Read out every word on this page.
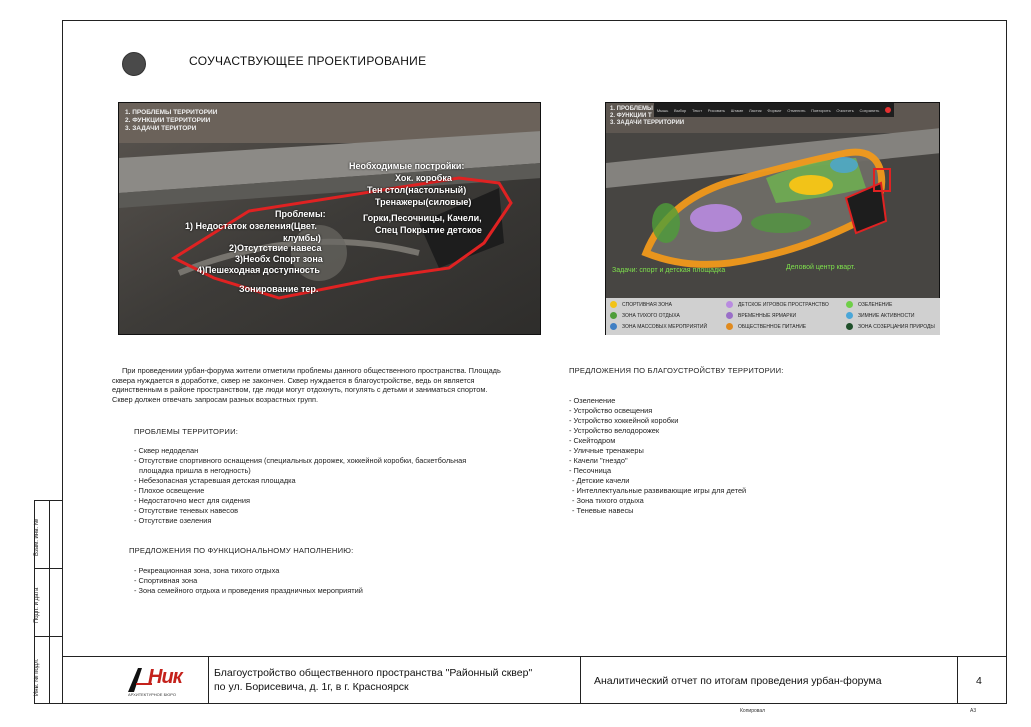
Взам. инв. №
Подп. и дата
Инв. № подл.
СОУЧАСТВУЮЩЕЕ ПРОЕКТИРОВАНИЕ
1. ПРОБЛЕМЫ ТЕРРИТОРИИ
2. ФУНКЦИИ ТЕРРИТОРИИ
3. ЗАДАЧИ ТЕРИТОРИ
Необходимые постройки:
Хок. коробка
Тен стол(настольный)
Тренажеры(силовые)
Горки,Песочницы, Качели,
Спец Покрытие детское
Проблемы:
1) Недостаток озеления(Цвет.
клумбы)
2)Отсутствие навеса
3)Необх Спорт зона
4)Пешеходная доступность
Зонирование тер.
Мышь Выбор Текст Рисовать Штамп Ластик Формат Отменить Повторить Очистить Сохранить
1. ПРОБЛЕМЫ
2. ФУНКЦИИ Т
3. ЗАДАЧИ ТЕРРИТОРИИ
Задачи: спорт и детская площадка	Деловой центр кварт.
СПОРТИВНАЯ ЗОНА	ДЕТСКОЕ ИГРОВОЕ ПРОСТРАНСТВО	ОЗЕЛЕНЕНИЕ
ЗОНА ТИХОГО ОТДЫХА	ВРЕМЕННЫЕ ЯРМАРКИ	ЗИМНИЕ АКТИВНОСТИ
ЗОНА МАССОВЫХ МЕРОПРИЯТИЙ	ОБЩЕСТВЕННОЕ ПИТАНИЕ	ЗОНА СОЗЕРЦАНИЯ ПРИРОДЫ
При проведениии урбан-форума жители отметили проблемы данного общественного пространства. Площадь
сквера нуждается в доработке, сквер не закончен. Сквер нуждается в благоустройстве, ведь он является
единственным в районе пространством, где люди могут отдохнуть, погулять с детьми и заниматься спортом.
Сквер должен отвечать запросам разных возрастных групп.
ПРОБЛЕМЫ ТЕРРИТОРИИ:
- Сквер недоделан
- Отсутствие спортивного оснащения (специальных дорожек, хоккейной коробки, баскетбольная
площадка пришла в негодность)
- Небезопасная устаревшая детская площадка
- Плохое освещение
- Недостаточно мест для сидения
- Отсутствие теневых навесов
- Отсутствие озеления
ПРЕДЛОЖЕНИЯ ПО ФУНКЦИОНАЛЬНОМУ НАПОЛНЕНИЮ:
- Рекреационная зона, зона тихого отдыха
- Спортивная зона
- Зона семейного отдыха и проведения праздничных мероприятий
ПРЕДЛОЖЕНИЯ ПО БЛАГОУСТРОЙСТВУ ТЕРРИТОРИИ:
- Озеленение
- Устройство освещения
- Устройство хоккейной коробки
- Устройство велодорожек
- Скейтодром
- Уличные тренажеры
- Качели "гнездо"
- Песочница
- Детские качели
- Интеллектуальные развивающие игры для детей
- Зона тихого отдыха
- Теневые навесы
Ник
АРХИТЕКТУРНОЕ БЮРО
Благоустройство общественного пространства "Районный сквер"
по ул. Борисевича, д. 1г, в г. Красноярск	Аналитический отчет по итогам проведения урбан-форума	4
Копировал	A3
